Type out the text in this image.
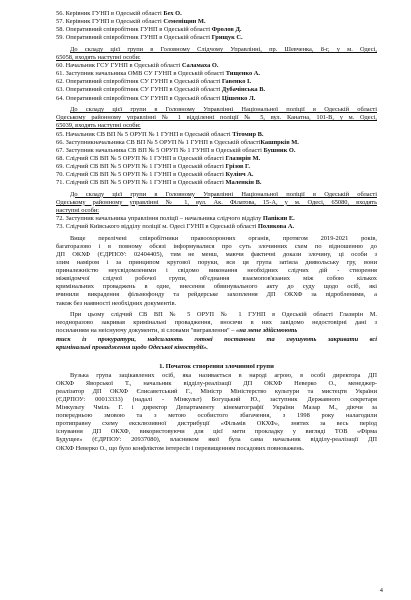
56. Керівник ГУНП в Одеській області Бех О.
57. Керівник ГУНП в Одеській області Семеніщин М.
58. Оперативний співробітник ГУНП в Одеській області Фролов Д.
59. Оперативний співробітник ГУНП в Одеській області Грищук С.
До складу цієї групи в Головному Слідчому Управлінні, пр. Шевченка, 8-г, у м. Одесі,
65058, входять наступні особи:
60. Начальник ГСУ ГУНП в Одеській області Саламаха О.
61. Заступник начальника ОМВ СУ ГУНП в Одеській області Тищенко А.
62. Оперативний співробітник СУ ГУНП в Одеській області Гавенко І.
63. Оперативний співробітник СУ ГУНП в Одеській області Дубачінська В.
64. Оперативний співробітник СУ ГУНП в Одеській області Цішенко Л.
До складу цієї групи в Головному Управлінні Національної поліції в Одеській області
Одеському районному управлінні № 1 відділенні поліції № 5, вул. Канатна, 101-В, у м. Одесі,
65039, входять наступні особи:
65. Начальник СВ ВП № 5 ОРУП № 1 ГУНП в Одеській області Тітомир В.
66. Заступникначальника СВ ВП № 5 ОРУП № 1 ГУНП в Одеській областіКашпрків М.
67. Заступник начальника СВ ВП № 5 ОРУП № 1 ГУНП в Одеській області Бушник О.
68. Слідчий СВ ВП № 5 ОРУП № 1 ГУНП в Одеській області Глазирін М.
69. Слідчий СВ ВП № 5 ОРУП № 1 ГУНП в Одеській області Грізов Г.
70. Слідчий СВ ВП № 5 ОРУП № 1 ГУНП в Одеській області Кулінч А.
71. Слідчий СВ ВП № 5 ОРУП № 1 ГУНП в Одеській області Маленкін В.
До складу цієї групи в Головному Управлінні Національної поліції в Одеській області
Одеському районному управлінні № 1, вул. Ак. Філатова, 15-А, у м. Одесі, 65080, входять
наступні особи:
72. Заступник начальника управління поліції – начальника слідчого відділу Папікян Е.
73. Слідчий Київського відділу поліції м. Одесі ГУНП в Одеській області Полякова А.
Вище перелічені співробітники правоохоронних органів, протягом 2019-2021 років,
багаторазово і в повному обсязі інформувалися про суть злочинних схем по відношенню до
ДП ОКХФ (ЄДРПОУ: 02404405), тим не менш, маючи фактичні докази злочину, ці особи з
злим наміром і за принципом кругової поруки, вся ця група затіяла диявольську гру, вони
приналежністю неусвідомленими і свідомо виконання необхідних слідчих дій - створення
міжвідомчої слідчої робочої групи, об'єднання взаємопов'язаних між собою кількох
кримінальних проваджень в одне, внесення обвинувального акту до суду щодо осіб, які
вчинили викрадення фільмофонду та рейдерське захоплення ДП ОКХФ за підробленими, а
також без наявності необхідних документів.
При цьому слідчий СВ ВП № 5 ОРУП № 1 ГУНП в Одеській області Глазирін М.
неодноразово закривав кримінальні провадження, вносячи в них завідомо недостовірні дані з
посиланням на неіснуючу документи, зі словами "вигравлення" – «на мене здійснюють
тиск із прокуратури, надсилають готові постанови та змушують закривати всі
кримінальні провадження щодо Одеської кіностудії».
1. Початок створення злочинної групи
Вузька група зацікавлених осіб, яка називається в народі агрою, в особі директора ДП
ОКХФ Яворської Т., начальник відділу-реалізації ДП ОКХФ Неверко О., менеджер-
реалізатор ДП ОКХФ Єлисаветський Г., Міністр Міністерство культури та мистецтв України
(ЄДРПОУ: 00013333) (надалі - Мінкульт) Богуцький Ю., заступник Державного секретаря
Мінкульту Чміль Г. і директор Департаменту кінематографії України Мазар М., діючи за
попередньою змовою та з метою особистого збагачення, з 1998 року налагодили
протиправну схему ексклюзивної дистрибуції «Фільмів ОКХФ», знятих за весь період
існування ДП ОКХФ, використовуючи для цієї мети прокладку у вигляді ТОВ «Фірма
Будущее» (ЄДРПОУ: 20937080), власником якої була сама начальник відділу-реалізації ДП
ОКХФ Неверко О., що було конфліктом інтересів і перевищенням посадових повноважень.
4
